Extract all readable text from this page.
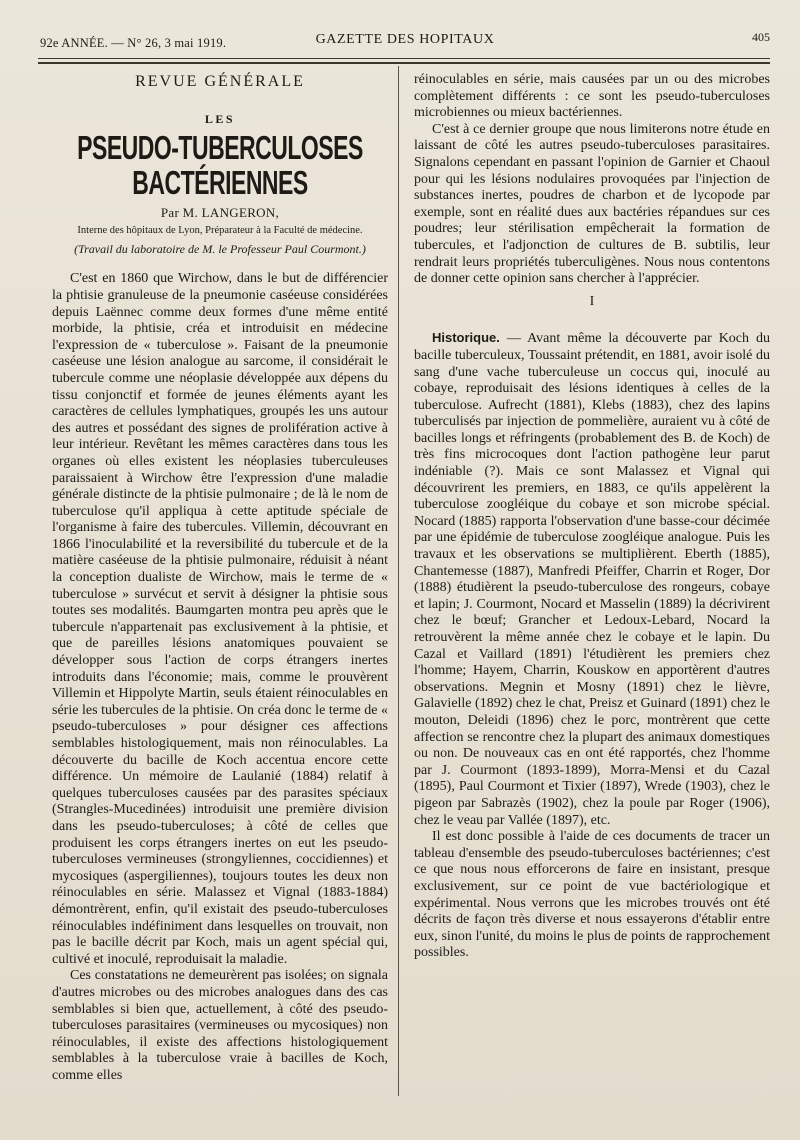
92e ANNÉE. — N° 26, 3 mai 1919.	GAZETTE DES HOPITAUX	405
REVUE GÉNÉRALE
LES
PSEUDO-TUBERCULOSES BACTÉRIENNES
Par M. LANGERON,
Interne des hôpitaux de Lyon, Préparateur à la Faculté de médecine.
(Travail du laboratoire de M. le Professeur Paul Courmont.)

C'est en 1860 que Wirchow, dans le but de différencier la phtisie granuleuse de la pneumonie caséeuse considérées depuis Laënnec comme deux formes d'une même entité morbide, la phtisie, créa et introduisit en médecine l'expression de « tuberculose ». Faisant de la pneumonie caséeuse une lésion analogue au sarcome, il considérait le tubercule comme une néoplasie développée aux dépens du tissu conjonctif et formée de jeunes éléments ayant les caractères de cellules lymphatiques, groupés les uns autour des autres et possédant des signes de prolifération active à leur intérieur. Revêtant les mêmes caractères dans tous les organes où elles existent les néoplasies tuberculeuses paraissaient à Wirchow être l'expression d'une maladie générale distincte de la phtisie pulmonaire ; de là le nom de tuberculose qu'il appliqua à cette aptitude spéciale de l'organisme à faire des tubercules. Villemin, découvrant en 1866 l'inoculabilité et la reversibilité du tubercule et de la matière caséeuse de la phtisie pulmonaire, réduisit à néant la conception dualiste de Wirchow, mais le terme de « tuberculose » survécut et servit à désigner la phtisie sous toutes ses modalités. Baumgarten montra peu après que le tubercule n'appartenait pas exclusivement à la phtisie, et que de pareilles lésions anatomiques pouvaient se développer sous l'action de corps étrangers inertes introduits dans l'économie; mais, comme le prouvèrent Villemin et Hippolyte Martin, seuls étaient réinoculables en série les tubercules de la phtisie. On créa donc le terme de « pseudo-tuberculoses » pour désigner ces affections semblables histologiquement, mais non réinoculables. La découverte du bacille de Koch accentua encore cette différence. Un mémoire de Laulanié (1884) relatif à quelques tuberculoses causées par des parasites spéciaux (Strangles-Mucedinées) introduisit une première division dans les pseudo-tuberculoses; à côté de celles que produisent les corps étrangers inertes on eut les pseudo-tuberculoses vermineuses (strongyliennes, coccidiennes) et mycosiques (aspergiliennes), toujours toutes les deux non réinoculables en série. Malassez et Vignal (1883-1884) démontrèrent, enfin, qu'il existait des pseudo-tuberculoses réinoculables indéfiniment dans lesquelles on trouvait, non pas le bacille décrit par Koch, mais un agent spécial qui, cultivé et inoculé, reproduisait la maladie.

Ces constatations ne demeurèrent pas isolées; on signala d'autres microbes ou des microbes analogues dans des cas semblables si bien que, actuellement, à côté des pseudo-tuberculoses parasitaires (vermineuses ou mycosiques) non réinoculables, il existe des affections histologiquement semblables à la tuberculose vraie à bacilles de Koch, comme elles

réinoculables en série, mais causées par un ou des microbes complètement différents : ce sont les pseudo-tuberculoses microbiennes ou mieux bactériennes.

C'est à ce dernier groupe que nous limiterons notre étude en laissant de côté les autres pseudo-tuberculoses parasitaires. Signalons cependant en passant l'opinion de Garnier et Chaoul pour qui les lésions nodulaires provoquées par l'injection de substances inertes, poudres de charbon et de lycopode par exemple, sont en réalité dues aux bactéries répandues sur ces poudres; leur stérilisation empêcherait la formation de tubercules, et l'adjonction de cultures de B. subtilis, leur rendrait leurs propriétés tuberculigènes. Nous nous contentons de donner cette opinion sans chercher à l'apprécier.

I

Historique. — Avant même la découverte par Koch du bacille tuberculeux, Toussaint prétendit, en 1881, avoir isolé du sang d'une vache tuberculeuse un coccus qui, inoculé au cobaye, reproduisait des lésions identiques à celles de la tuberculose. Aufrecht (1881), Klebs (1883), chez des lapins tuberculisés par injection de pommelière, auraient vu à côté de bacilles longs et réfringents (probablement des B. de Koch) de très fins microcoques dont l'action pathogène leur parut indéniable (?). Mais ce sont Malassez et Vignal qui découvrirent les premiers, en 1883, ce qu'ils appelèrent la tuberculose zoogléique du cobaye et son microbe spécial. Nocard (1885) rapporta l'observation d'une basse-cour décimée par une épidémie de tuberculose zoogléique analogue. Puis les travaux et les observations se multiplièrent. Eberth (1885), Chantemesse (1887), Manfredi Pfeiffer, Charrin et Roger, Dor (1888) étudièrent la pseudo-tuberculose des rongeurs, cobaye et lapin; J. Courmont, Nocard et Masselin (1889) la décrivirent chez le bœuf; Grancher et Ledoux-Lebard, Nocard la retrouvèrent la même année chez le cobaye et le lapin. Du Cazal et Vaillard (1891) l'étudièrent les premiers chez l'homme; Hayem, Charrin, Kouskow en apportèrent d'autres observations. Megnin et Mosny (1891) chez le lièvre, Galavielle (1892) chez le chat, Preisz et Guinard (1891) chez le mouton, Deleidi (1896) chez le porc, montrèrent que cette affection se rencontre chez la plupart des animaux domestiques ou non. De nouveaux cas en ont été rapportés, chez l'homme par J. Courmont (1893-1899), Morra-Mensi et du Cazal (1895), Paul Courmont et Tixier (1897), Wrede (1903), chez le pigeon par Sabrazès (1902), chez la poule par Roger (1906), chez le veau par Vallée (1897), etc.

Il est donc possible à l'aide de ces documents de tracer un tableau d'ensemble des pseudo-tuberculoses bactériennes; c'est ce que nous nous efforcerons de faire en insistant, presque exclusivement, sur ce point de vue bactériologique et expérimental. Nous verrons que les microbes trouvés ont été décrits de façon très diverse et nous essayerons d'établir entre eux, sinon l'unité, du moins le plus de points de rapprochement possibles.
